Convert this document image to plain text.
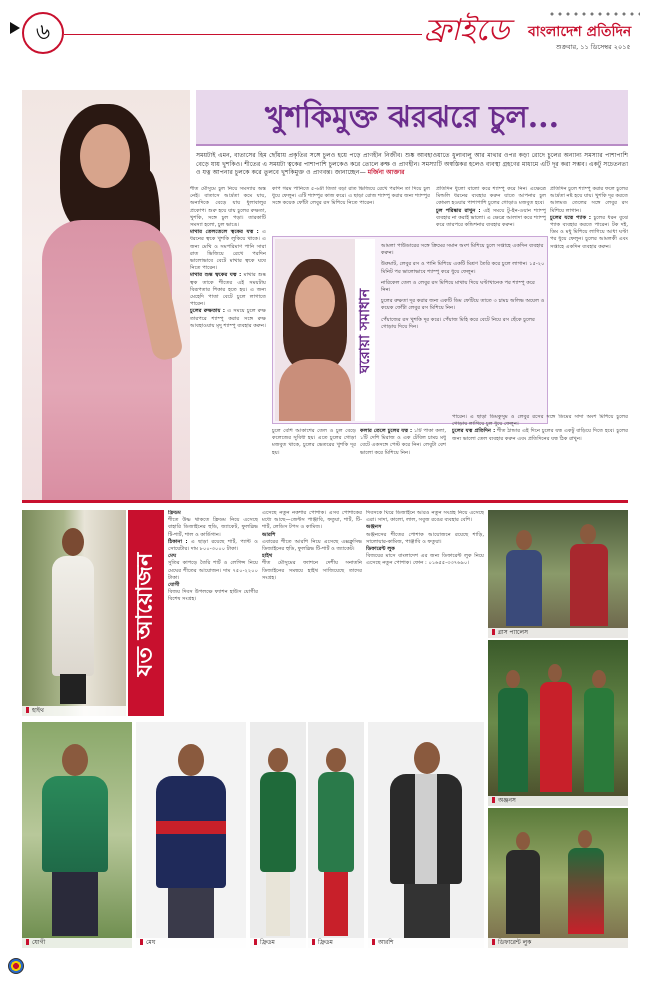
৬	ফ্রাইডে বাংলাদেশ প্রতিদিন
শুক্রবার, ১১ ডিসেম্বর ২০১৫
খুশকিমুক্ত ঝরঝরে চুল...
সময়টাই এমন, বাতাসের হিম ছোঁয়ায় প্রকৃতির সঙ্গে চুলও হয়ে পড়ে প্রাণহীন নির্জীব। শুষ্ক আবহাওয়াতে ধুলাবালু আর মাথার ওপর কড়া রোদে চুলের অন্যান্য সমস্যার পাশাপাশি বেড়ে যায় খুশকিও। শীতের এ সময়টা ত্বকের পাশাপাশি চুলকেও করে তোলে রুক্ষ ও প্রাণহীন। সমস্যাটি অস্বস্তিকর হলেও ব্যবস্থা গ্রহণের মাধ্যমে এটি দূর করা সম্ভব। একটু সচেতনতা ও যত্ন আপনার চুলকে করে তুলবে খুশকিমুক্ত ও প্রাণবন্ত। জানাচ্ছেন— মর্জিনা আক্তার
শীত মৌসুমে চুল নিয়ে সমস্যার অন্ত নেই। বাতাসে আর্দ্রতা কমে যায়, অন্যদিকে বেড়ে যায় ধুলাবালুর প্রকোপ। শুরু হয়ে যায় চুলের রুক্ষতা, খুশকি, সঙ্গে চুল পড়া। তারকাটি সমস্যা হলো, চুল ভাঙে।
মাথার তেলতেলে ত্বকের যত্ন : এ ধরনের ত্বকে খুশকি লুকিয়ে থাকে। এ জন্য মেথি ও সমপরিমাণ পানি সারা রাত ভিজিয়ে রেখে পরদিন ভালোভাবে বেটে মাথার ত্বকে ঘষে নিতে পারেন।
মাথার শুষ্ক ত্বকের যত্ন : মাথার শুষ্ক ত্বক তাকে শীতের এই সময়টায় বিরূপতার শিকার হতে হয়। এ জন্য মেহেদি পাতা বেটে চুলে লাগাতে পারেন।
চুলের রুক্ষতায় : এ সময়ে চুলে রুক্ষ তারপরে শ্যাম্পু করার সঙ্গে রুক্ষ আবহাওয়ায় মৃদু শ্যাম্পু ব্যবহার করুন।
কাপ গরম পানিতে ৫-৬টা তিতা বড়া রাত ভিজিয়ে রেখে পরদিন তা দিয়ে চুল ধুয়ে ফেলুন। এটি শ্যাম্পুর কাজ করে। এ ছাড়া রোজ শ্যাম্পু করার জন্য শ্যাম্পুর সঙ্গে কয়েক ফোঁটা লেবুর রস মিশিয়ে নিতে পারেন।
প্রতিদিন ধুলো বালো করে শ্যাম্পু করে নিন। এক্ষেত্রে মিল্ডলি ধরনের ব্যবহার করুন যাতে আপনার চুল কোমল হওয়ার পাশাপাশি চুলের গোড়াও মজবুত হবে।
চুল পরিষ্কার রাখুন : এই সময়ে টু-ইন-ওয়ান শ্যাম্পু ব্যবহার না করাই ভালো। এ ক্ষেত্রে আলাদা করে শ্যাম্পু করে তারপরে কন্ডিশনার ব্যবহার করুন।
প্রতিদিন চুলে শ্যাম্পু করার ফলে চুলের আর্দ্রতা নষ্ট হয়ে যায়। খুশকি দূর করতে আলমণ্ড তেলের সঙ্গে লেবুর রস মিশিয়ে লাগান।
চুলের যত্নে প্যাক : চুলের ধরন বুঝে প্যাক ব্যবহার করতে পারেন। টক দই, ডিম ও মধু মিশিয়ে লাগিয়ে আধা ঘণ্টা পর ধুয়ে ফেলুন। চুলের আমলকী এবং সপ্তাহে একদিন ব্যবহার করুন।
ঘরোয়া সমাধান
আমলা পাউডারের সঙ্গে ক্রিমের সমান অংশ মিশিয়ে চুলে সপ্তাহে একদিন ব্যবহার করুন।
উরুমাট, লেবুর রস ও পানি মিশিয়ে একটি মিশ্রণ তৈরি করে চুলে লাগান। ১৫-২০ মিনিট পর ভালোভাবে শ্যাম্পু করে ধুয়ে ফেলুন।
নারিকেল তেল ও লেবুর রস মিশিয়ে মাথায় দিয়ে ঘণ্টাখানেক পর শ্যাম্পু করে নিন।
চুলের রুক্ষতা দূর করার জন্য একটি ডিম ফেটিয়ে তাতে ৩ চামচ অলিভ অয়েল ও কয়েক ফোঁটা লেবুর রস মিশিয়ে নিন।
পেঁয়াজের রস খুশকি দূর করে। পেঁয়াজ মিহি করে বেটে নিয়ে রস ছেঁকে চুলের গোড়ায় দিয়ে দিন।
চুলে বেশি আকাশের তেল ও চুল বেড়ে কলেজের সুবিধা হয়। এতে চুলের গোড়া মজবুত থাকে, চুলের ভেতরের খুশকি দূর হয়।
কলার তেলে চুলের যত্ন : ১টি পাকা কলা, ১টি দেশি মিরাজ ও এক টেবিল চামচ মধু বেটে একসঙ্গে পেস্ট করে নিন। লেবুটা বেশ ভালো করে মিশিয়ে নিন।
পারেন। এ ছাড়া ডিমকুসুম ও লেবুর রসের সঙ্গে ডিমের সাদা অংশ মিশিয়ে চুলের গোড়ায় লাগিয়ে চুল ধুয়ে ফেলুন।
চুলের যত্ন প্রতিদিন : শীত ঠান্ডার এই দিনে চুলের যত্ন একটু বাড়িয়ে দিতে হবে। চুলের জন্য ভালো তেল ব্যবহার করুন এবং প্রতিদিনের যত্ন ঠিক রাখুন।
হাইথ
যত আয়োজন
ফ্রিডম
শীতে উষ্ণ থাকতে ফ্রিডম নিয়ে এসেছে বাহারি ডিজাইনের হুডি, জ্যাকেট, ফুলস্লিভ টি-শার্ট, শাল ও কার্ডিগান।
ঠিকানা : এ ছাড়া রয়েছে শার্ট, প্যান্ট ও সোয়েটার। দাম ৮০০-৩০০০ টাকা।
মেঘ
সুতির কাপড়ে তৈরি শার্ট ও লেগিন্স নিয়ে মেঘের শীতের আয়োজন। দাম ৭৫০-২২০০ টাকা।
যোগী
বিজয় দিবস উপলক্ষে ফ্যাশন হাউস যোগীর বিশেষ সংগ্রহ।
এসেছে নতুন নকশার পোশাক। এসব পোশাকের মধ্যে আছে—জেন্টস পাঞ্জাবি, ফতুয়া, শার্ট, টি-শার্ট, লেডিস টপস ও কামিজ।
আরশি
এবারের শীতে আরশি নিয়ে এসেছে এক্সক্লুসিভ ডিজাইনের হুডি, ফুলস্লিভ টি-শার্ট ও জ্যাকেট।
হাইথ
শীত মৌসুমের ফ্যাশনে দেশীয় সনাতনি ডিজাইনের সমন্বয়ে হাইথ সাজিয়েছে তাদের সংগ্রহ।
দিবসকে ঘিরে ডিজাইনে আরও নতুন সংগ্রহ নিয়ে এসেছে এরা। সাদা, কালো, লাল, সবুজ রঙের ব্যবহার বেশি।
অঞ্জনস
অঞ্জনসের শীতের পোশাক আয়োজনে রয়েছে শাড়ি, সালোয়ার-কামিজ, পাঞ্জাবি ও ফতুয়া।
ডিফারেন্ট লুক
বিজয়ের মাসে বাংলাদেশ এর জন্য ডিফারেন্ট লুক নিয়ে এসেছে নতুন পোশাক। ফোন : ০১৬৫৫-৩৩৭৬৯০।
গ্লাস প্যালেস
অঞ্জনস
ডিফারেন্ট লুক
যোগী	মেঘ	ফ্রিডম	ফ্রিডম	আরশি
